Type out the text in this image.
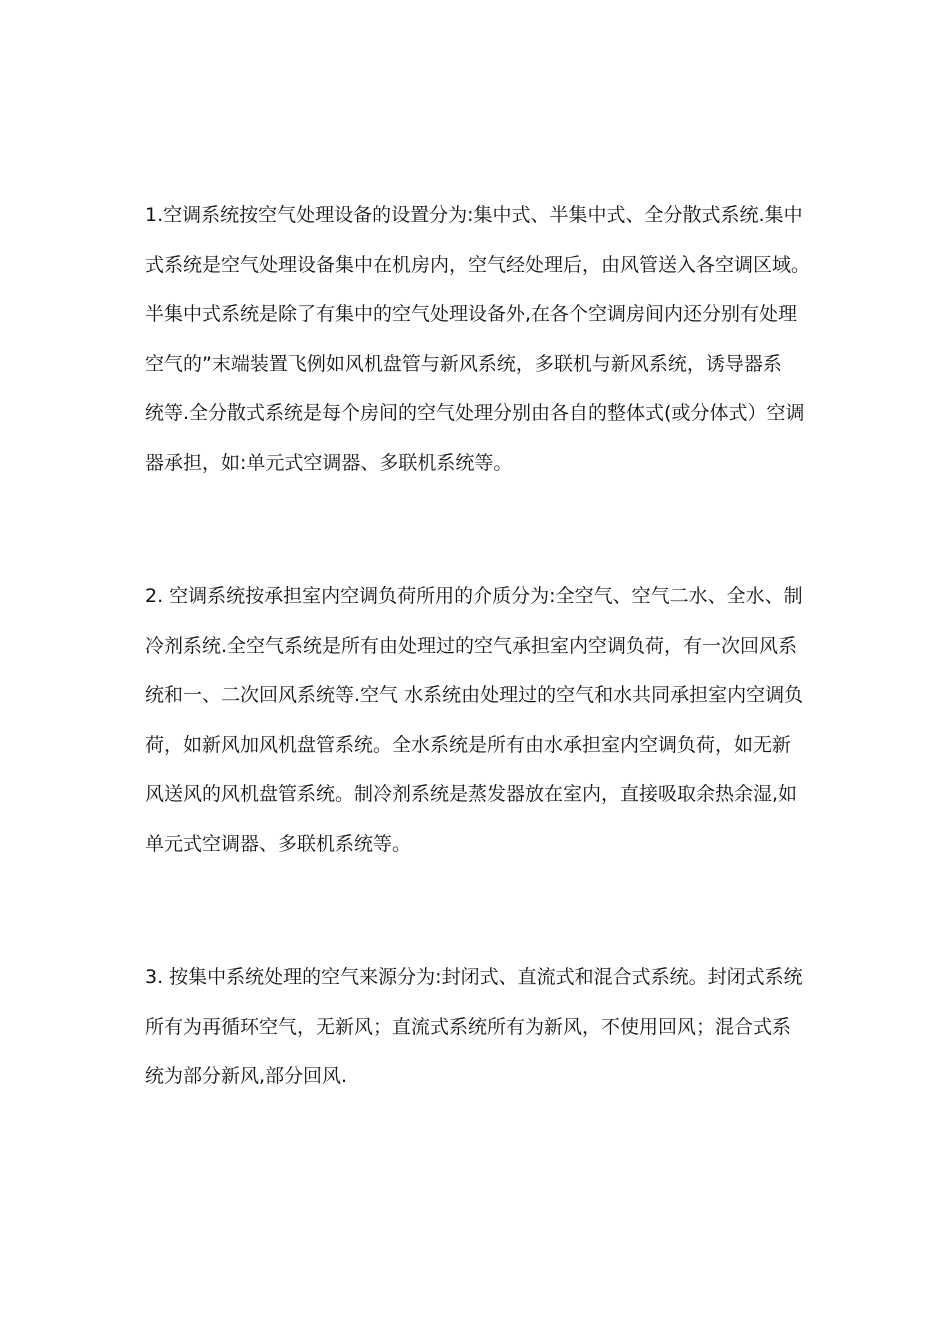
1.空调系统按空气处理设备的设置分为:集中式、半集中式、全分散式系统.集中
式系统是空气处理设备集中在机房内，空气经处理后，由风管送入各空调区域。
半集中式系统是除了有集中的空气处理设备外,在各个空调房间内还分别有处理
空气的”末端装置飞例如风机盘管与新风系统，多联机与新风系统，诱导器系
统等.全分散式系统是每个房间的空气处理分别由各自的整体式(或分体式）空调
器承担，如:单元式空调器、多联机系统等。
2. 空调系统按承担室内空调负荷所用的介质分为:全空气、空气二水、全水、制
冷剂系统.全空气系统是所有由处理过的空气承担室内空调负荷，有一次回风系
统和一、二次回风系统等.空气 水系统由处理过的空气和水共同承担室内空调负
荷，如新风加风机盘管系统。全水系统是所有由水承担室内空调负荷，如无新
风送风的风机盘管系统。制冷剂系统是蒸发器放在室内，直接吸取余热余湿,如
单元式空调器、多联机系统等。
3. 按集中系统处理的空气来源分为:封闭式、直流式和混合式系统。封闭式系统
所有为再循环空气，无新风；直流式系统所有为新风，不使用回风；混合式系
统为部分新风,部分回风.
